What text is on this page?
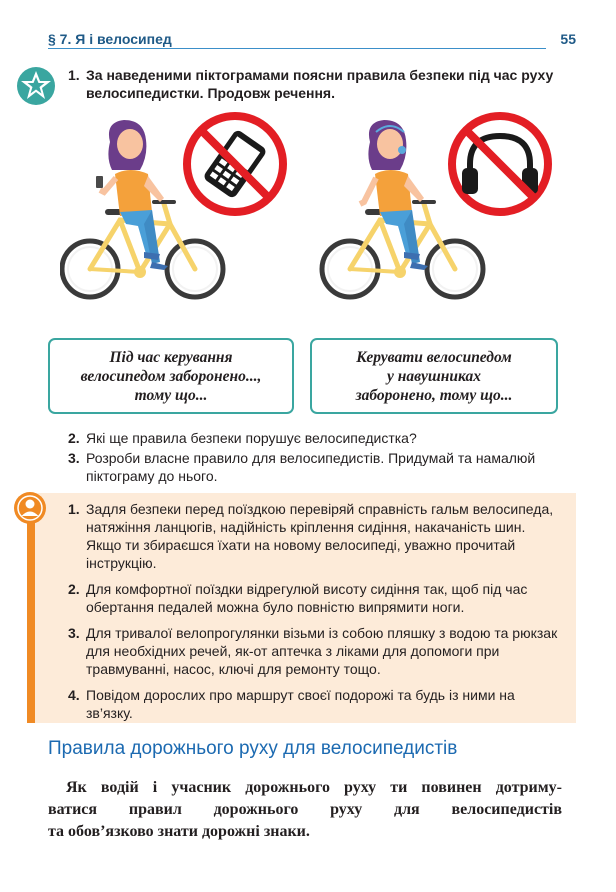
§ 7. Я і велосипед	55
1. За наведеними піктограмами поясни правила безпеки під час руху велосипедистки. Продовж речення.
Під час керування
велосипедом заборонено...,
тому що...
Керувати велосипедом
у навушниках
заборонено, тому що...
2. Які ще правила безпеки порушує велосипедистка?
3. Розроби власне правило для велосипедистів. Придумай та намалюй піктограму до нього.
1. Задля безпеки перед поїздкою перевіряй справність гальм велосипеда, натяжіння ланцюгів, надійність кріплення сидіння, накачаність шин. Якщо ти збираєшся їхати на новому велосипеді, уважно прочитай інструкцію.
2. Для комфортної поїздки відрегулюй висоту сидіння так, щоб під час обертання педалей можна було повністю випрямити ноги.
3. Для тривалої велопрогулянки візьми із собою пляшку з водою та рюкзак для необхідних речей, як-от аптечка з ліками для допомоги при травмуванні, насос, ключі для ремонту тощо.
4. Повідом дорослих про маршрут своєї подорожі та будь із ними на зв’язку.
Правила дорожнього руху для велосипедистів
Як водій і учасник дорожнього руху ти повинен дотриму-
ватися правил дорожнього руху для велосипедистів
та обов’язково знати дорожні знаки.
